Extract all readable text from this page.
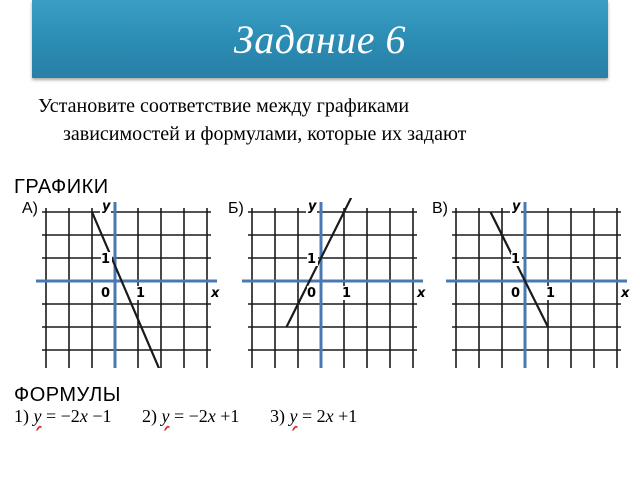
Задание 6
Установите соответствие между графиками
зависимостей и формулами, которые их задают
ГРАФИКИ
А)	y
x
0 1
1
Б)	y
x
0 1
1
В)	y
x
0 1
1
ФОРМУЛЫ
1) y = −2x −1 2) y = −2x +1 3) y = 2x +1
